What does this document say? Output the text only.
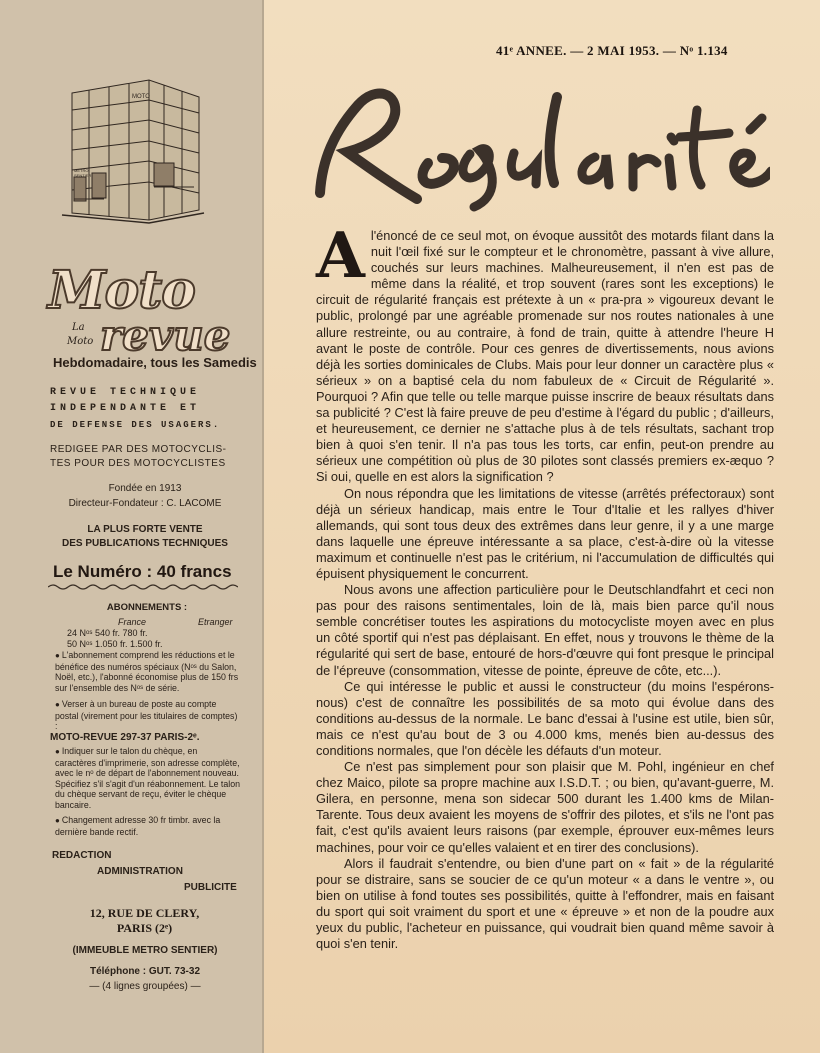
MOTO
METRO
SENTIER
Moto
La
Moto revue
Hebdomadaire, tous les Samedis
REVUE TECHNIQUE
INDEPENDANTE ET
DE DEFENSE DES USAGERS.
REDIGEE PAR DES MOTOCYCLIS-
TES POUR DES MOTOCYCLISTES
Fondée en 1913
Directeur-Fondateur : C. LACOME
LA PLUS FORTE VENTE
DES PUBLICATIONS TECHNIQUES
Le Numéro : 40 francs
ABONNEMENTS :
France	Etranger
24 Nᵒˢ 540 fr. 780 fr.
50 Nᵒˢ 1.050 fr. 1.500 fr.
● L'abonnement comprend les réductions et le bénéfice des numéros spéciaux (Nᵒˢ du Salon, Noël, etc.), l'abonné économise plus de 150 frs sur l'ensemble des Nᵒˢ de série.
● Verser à un bureau de poste au compte postal (virement pour les titulaires de comptes) :
MOTO-REVUE 297-37 PARIS-2ᵉ.
● Indiquer sur le talon du chèque, en caractères d'imprimerie, son adresse complète, avec le nᵒ de départ de l'abonnement nouveau. Spécifiez s'il s'agit d'un réabonnement. Le talon du chèque servant de reçu, éviter le chèque bancaire.
● Changement adresse 30 fr timbr. avec la dernière bande rectif.
REDACTION
ADMINISTRATION
PUBLICITE
12, RUE DE CLERY,
PARIS (2ᵉ)
(IMMEUBLE METRO SENTIER)
Téléphone : GUT. 73-32
— (4 lignes groupées) —
41ᵉ ANNEE. — 2 MAI 1953. — Nᵒ 1.134

Al'énoncé de ce seul mot, on évoque aussitôt des motards filant dans la nuit l'œil fixé sur le compteur et le chronomètre, passant à vive allure, couchés sur leurs machines. Malheureusement, il n'en est pas de même dans la réalité, et trop souvent (rares sont les exceptions) le circuit de régularité français est prétexte à un « pra-pra » vigoureux devant le public, prolongé par une agréable promenade sur nos routes nationales à une allure restreinte, ou au contraire, à fond de train, quitte à attendre l'heure H avant le poste de contrôle. Pour ces genres de divertissements, nous avions déjà les sorties dominicales de Clubs. Mais pour leur donner un caractère plus « sérieux » on a baptisé cela du nom fabuleux de « Circuit de Régularité ». Pourquoi ? Afin que telle ou telle marque puisse inscrire de beaux résultats dans sa publicité ? C'est là faire preuve de peu d'estime à l'égard du public ; d'ailleurs, et heureusement, ce dernier ne s'attache plus à de tels résultats, sachant trop bien à quoi s'en tenir. Il n'a pas tous les torts, car enfin, peut-on prendre au sérieux une compétition où plus de 30 pilotes sont classés premiers ex-æquo ? Si oui, quelle en est alors la signification ?

On nous répondra que les limitations de vitesse (arrêtés préfectoraux) sont déjà un sérieux handicap, mais entre le Tour d'Italie et les rallyes d'hiver allemands, qui sont tous deux des extrêmes dans leur genre, il y a une marge dans laquelle une épreuve intéressante a sa place, c'est-à-dire où la vitesse maximum et continuelle n'est pas le critérium, ni l'accumulation de difficultés qui épuisent physiquement le concurrent.

Nous avons une affection particulière pour le Deutschlandfahrt et ceci non pas pour des raisons sentimentales, loin de là, mais bien parce qu'il nous semble concrétiser toutes les aspirations du motocycliste moyen avec en plus un côté sportif qui n'est pas déplaisant. En effet, nous y trouvons le thème de la régularité qui sert de base, entouré de hors-d'œuvre qui font presque le principal de l'épreuve (consommation, vitesse de pointe, épreuve de côte, etc...).

Ce qui intéresse le public et aussi le constructeur (du moins l'espérons-nous) c'est de connaître les possibilités de sa moto qui évolue dans des conditions au-dessus de la normale. Le banc d'essai à l'usine est utile, bien sûr, mais ce n'est qu'au bout de 3 ou 4.000 kms, menés bien au-dessus des conditions normales, que l'on décèle les défauts d'un moteur.

Ce n'est pas simplement pour son plaisir que M. Pohl, ingénieur en chef chez Maico, pilote sa propre machine aux I.S.D.T. ; ou bien, qu'avant-guerre, M. Gilera, en personne, mena son sidecar 500 durant les 1.400 kms de Milan-Tarente. Tous deux avaient les moyens de s'offrir des pilotes, et s'ils ne l'ont pas fait, c'est qu'ils avaient leurs raisons (par exemple, éprouver eux-mêmes leurs machines, pour voir ce qu'elles valaient et en tirer des conclusions).

Alors il faudrait s'entendre, ou bien d'une part on « fait » de la régularité pour se distraire, sans se soucier de ce qu'un moteur « a dans le ventre », ou bien on utilise à fond toutes ses possibilités, quitte à l'effondrer, mais en faisant du sport qui soit vraiment du sport et une « épreuve » et non de la poudre aux yeux du public, l'acheteur en puissance, qui voudrait bien quand même savoir à quoi s'en tenir.
